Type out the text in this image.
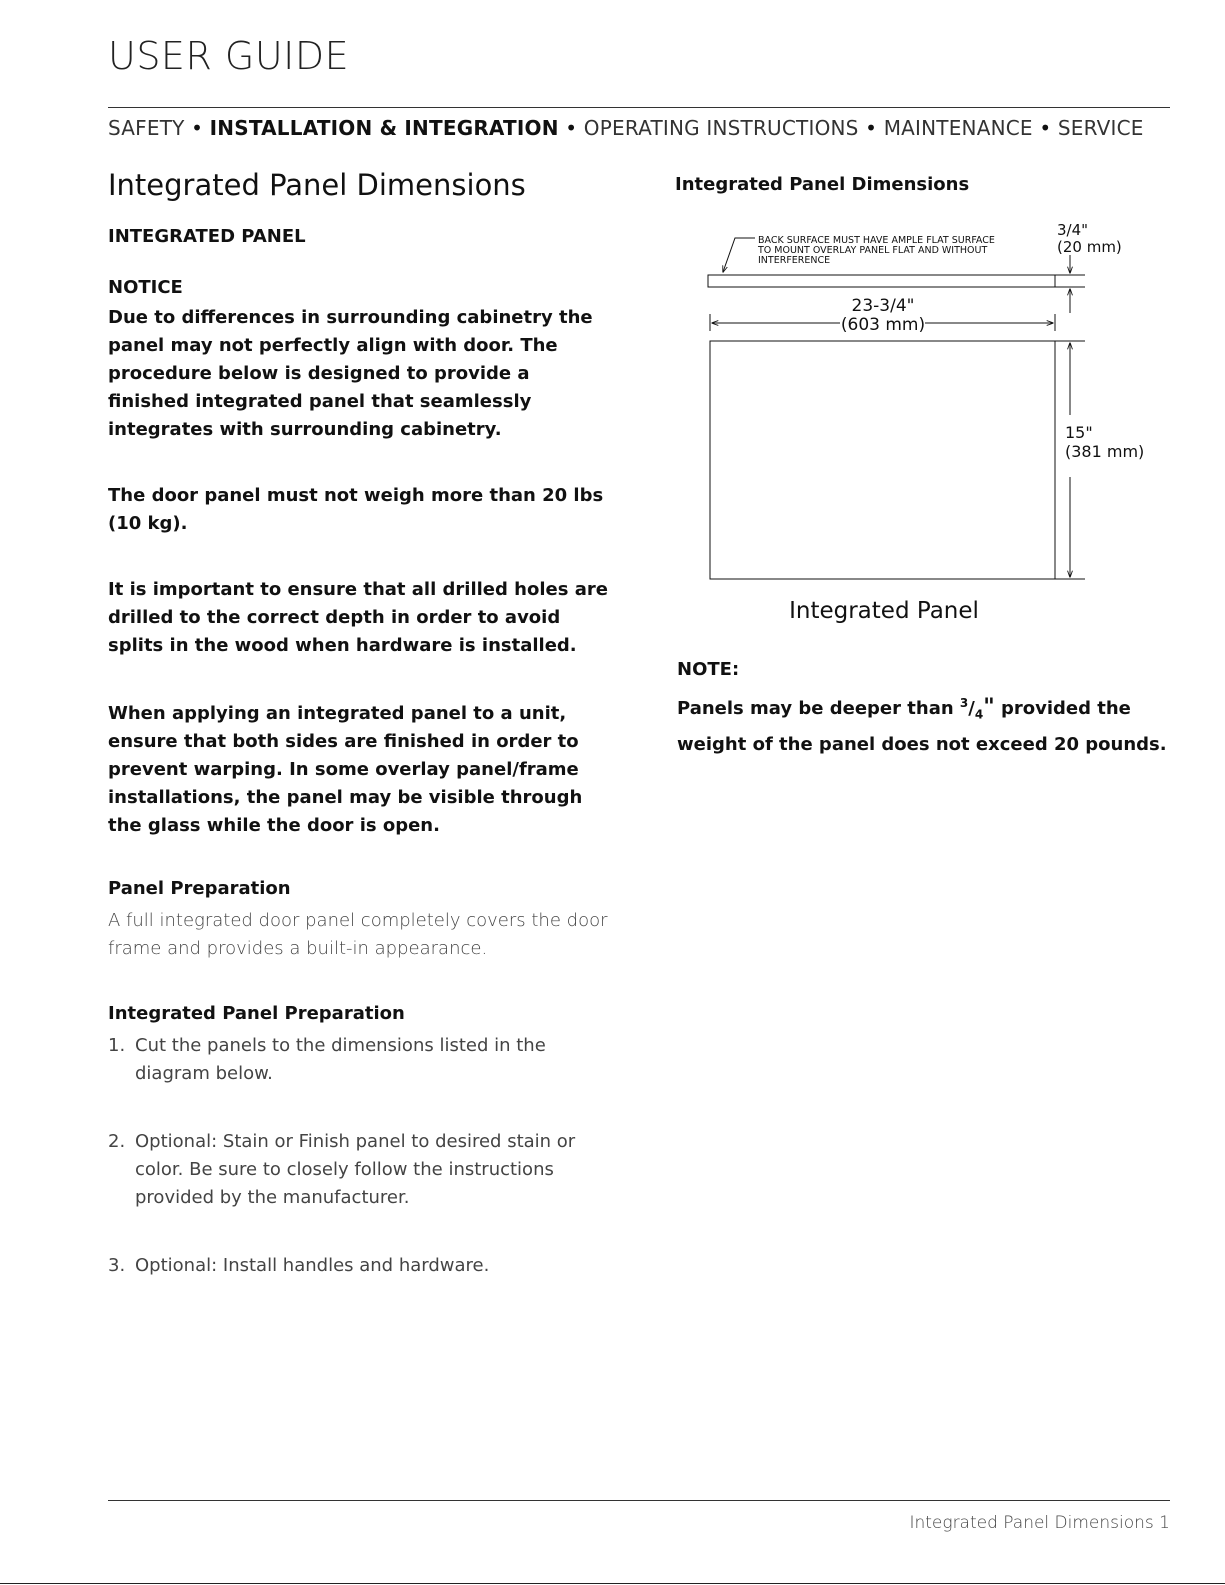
USER GUIDE
SAFETY • INSTALLATION & INTEGRATION • OPERATING INSTRUCTIONS • MAINTENANCE • SERVICE
Integrated Panel Dimensions

INTEGRATED PANEL

NOTICE

Due to differences in surrounding cabinetry the panel may not perfectly align with door. The procedure below is designed to provide a finished integrated panel that seamlessly integrates with surrounding cabinetry.

The door panel must not weigh more than 20 lbs (10 kg).

It is important to ensure that all drilled holes are drilled to the correct depth in order to avoid splits in the wood when hardware is installed.

When applying an integrated panel to a unit, ensure that both sides are finished in order to prevent warping. In some overlay panel/frame installations, the panel may be visible through the glass while the door is open.

Panel Preparation

A full integrated door panel completely covers the door frame and provides a built-in appearance.

Integrated Panel Preparation

1. Cut the panels to the dimensions listed in the diagram below.
2. Optional: Stain or Finish panel to desired stain or color. Be sure to closely follow the instructions provided by the manufacturer.
3. Optional: Install handles and hardware.
Integrated Panel Dimensions
BACK SURFACE MUST HAVE AMPLE FLAT SURFACE TO MOUNT OVERLAY PANEL FLAT AND WITHOUT INTERFERENCE
3/4"
(20 mm)
23-3/4"
(603 mm)
15"
(381 mm)
Integrated Panel
NOTE:
Panels may be deeper than $^3/_4$" provided the weight of the panel does not exceed 20 pounds.
Integrated Panel Dimensions 1
